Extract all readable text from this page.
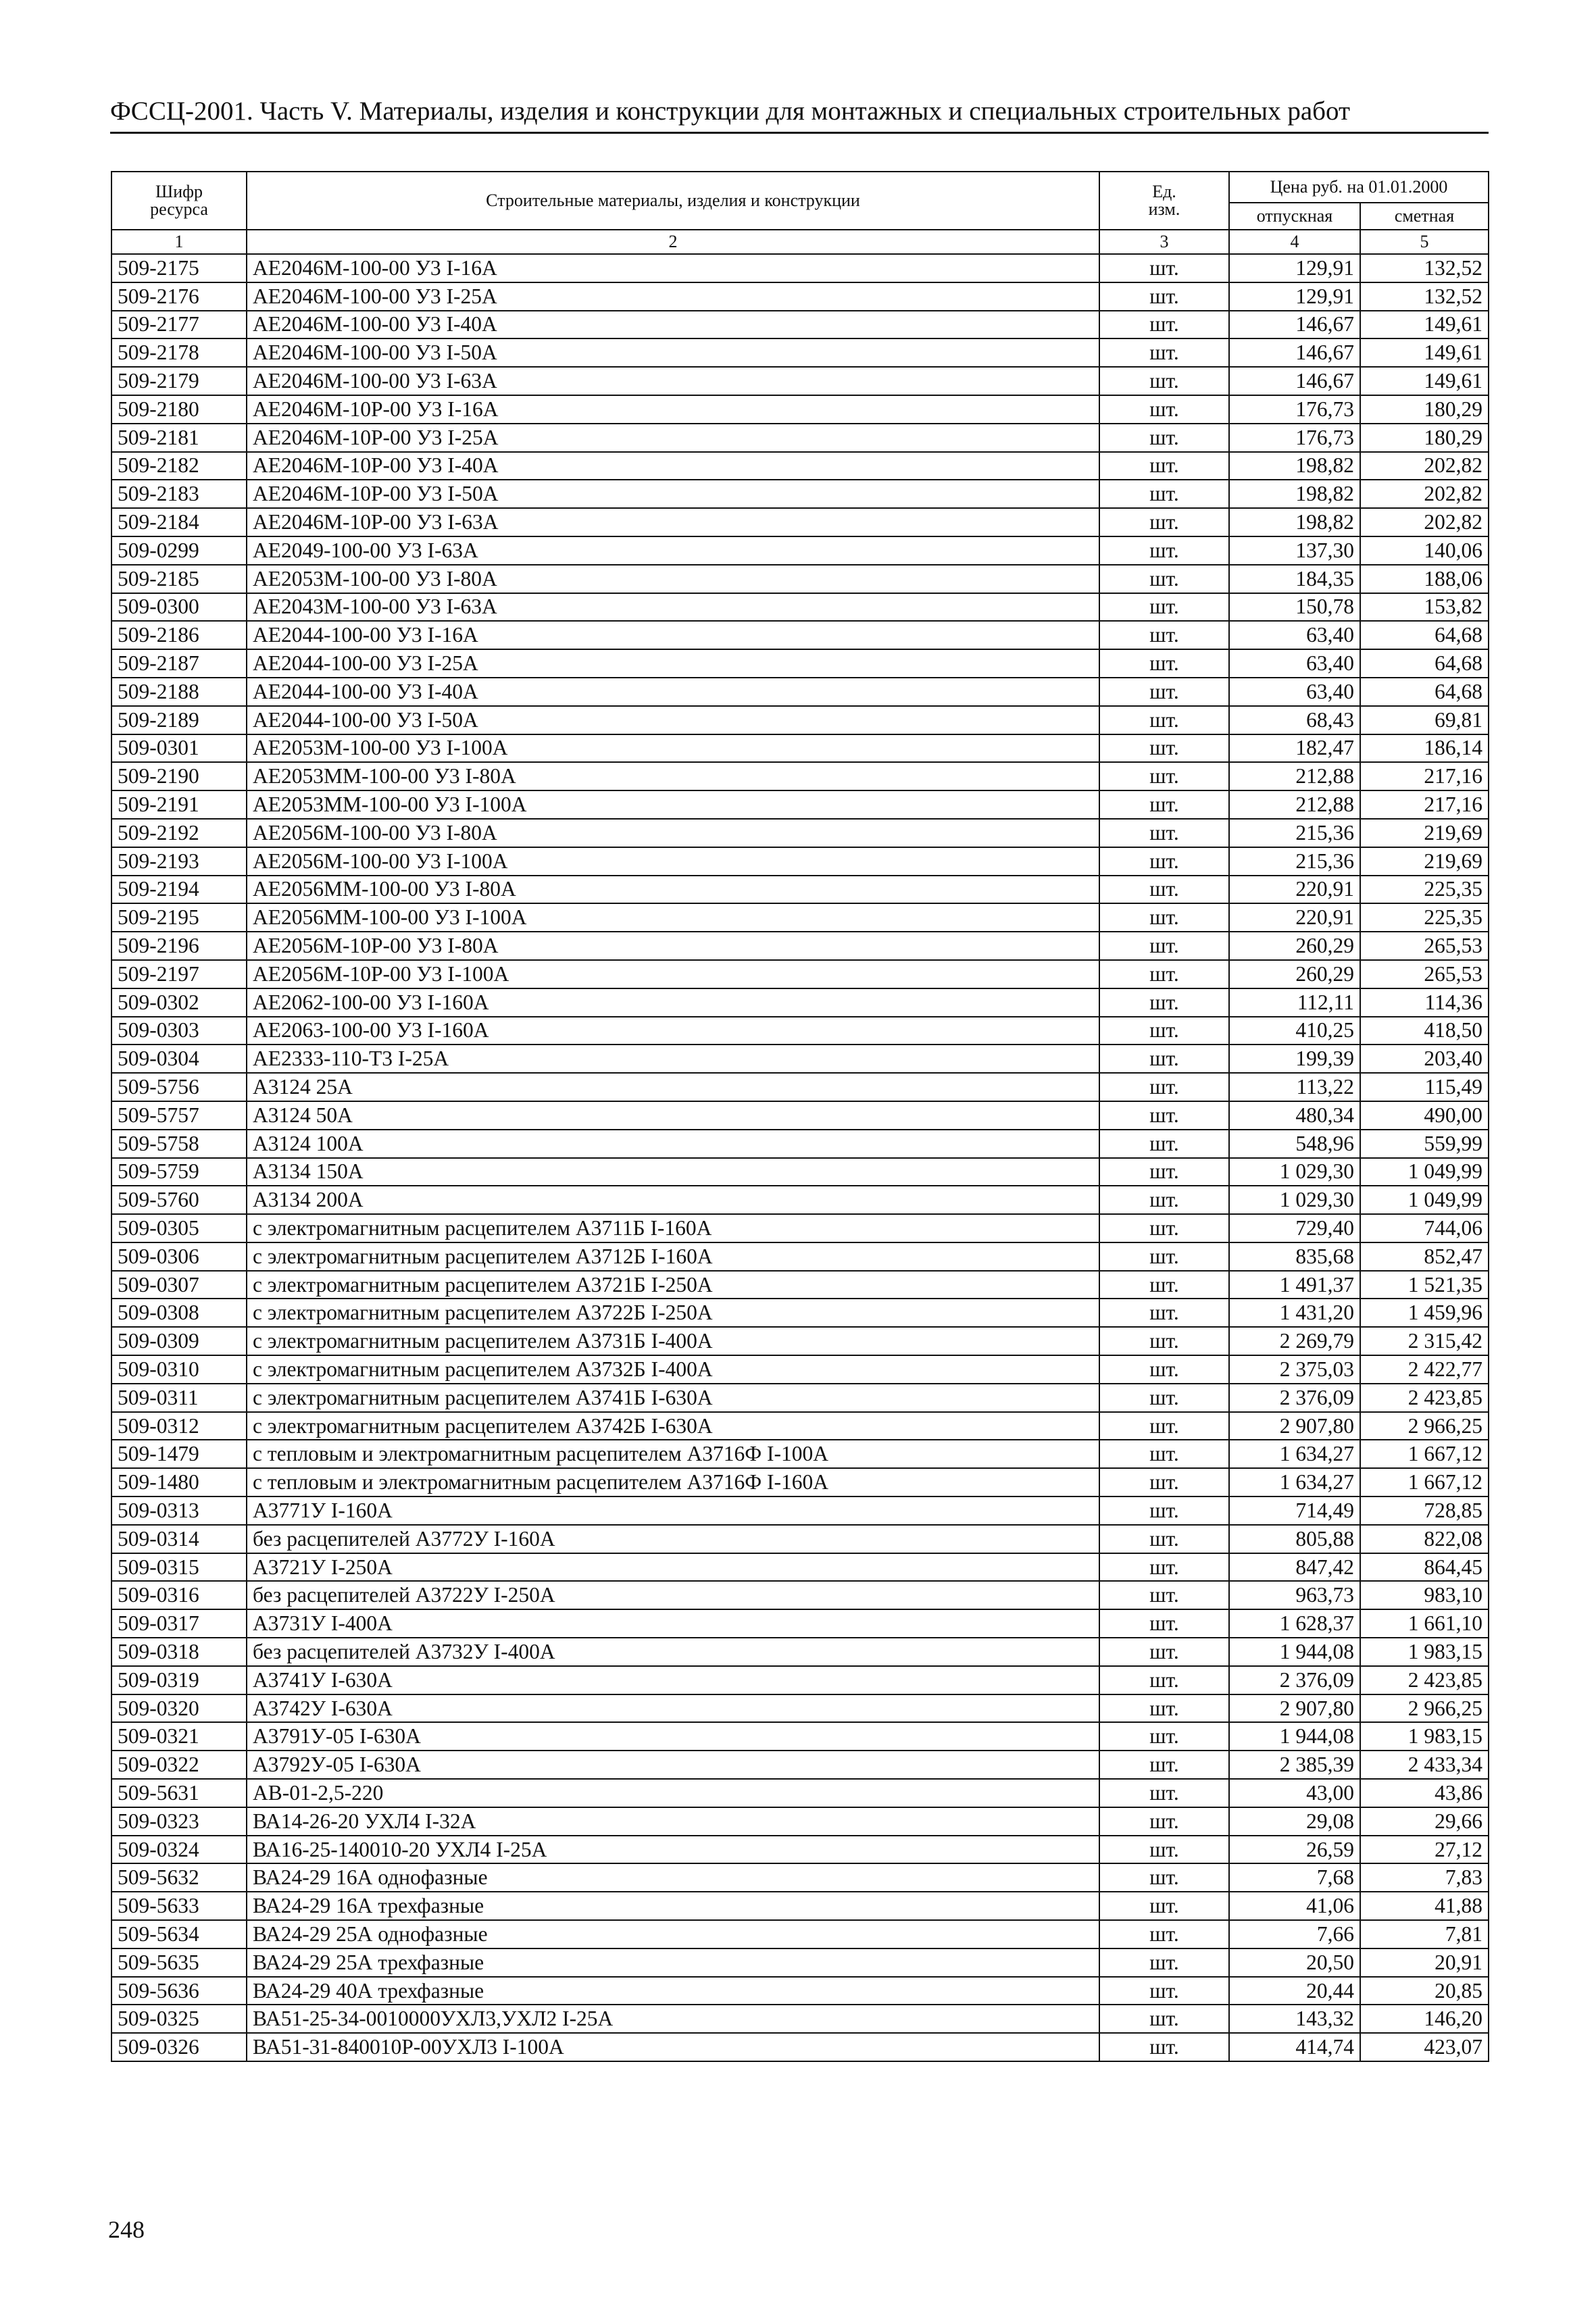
ФССЦ-2001. Часть V. Материалы, изделия и конструкции для монтажных и специальных строительных работ
Шифр
ресурса	Строительные материалы, изделия и конструкции	Ед.
изм.	Цена руб. на 01.01.2000	
			отпускная	сметная
1	2	3	4	5
509-2175	АЕ2046М-100-00 У3 I-16А	шт.	129,91	132,52
509-2176	АЕ2046М-100-00 У3 I-25А	шт.	129,91	132,52
509-2177	АЕ2046М-100-00 У3 I-40А	шт.	146,67	149,61
509-2178	АЕ2046М-100-00 У3 I-50А	шт.	146,67	149,61
509-2179	АЕ2046М-100-00 У3 I-63А	шт.	146,67	149,61
509-2180	АЕ2046М-10Р-00 У3 I-16А	шт.	176,73	180,29
509-2181	АЕ2046М-10Р-00 У3 I-25А	шт.	176,73	180,29
509-2182	АЕ2046М-10Р-00 У3 I-40А	шт.	198,82	202,82
509-2183	АЕ2046М-10Р-00 У3 I-50А	шт.	198,82	202,82
509-2184	АЕ2046М-10Р-00 У3 I-63А	шт.	198,82	202,82
509-0299	АЕ2049-100-00 У3 I-63А	шт.	137,30	140,06
509-2185	АЕ2053М-100-00 У3 I-80А	шт.	184,35	188,06
509-0300	АЕ2043М-100-00 У3 I-63А	шт.	150,78	153,82
509-2186	АЕ2044-100-00 У3 I-16А	шт.	63,40	64,68
509-2187	АЕ2044-100-00 У3 I-25А	шт.	63,40	64,68
509-2188	АЕ2044-100-00 У3 I-40А	шт.	63,40	64,68
509-2189	АЕ2044-100-00 У3 I-50А	шт.	68,43	69,81
509-0301	АЕ2053М-100-00 У3 I-100А	шт.	182,47	186,14
509-2190	АЕ2053ММ-100-00 У3 I-80А	шт.	212,88	217,16
509-2191	АЕ2053ММ-100-00 У3 I-100А	шт.	212,88	217,16
509-2192	АЕ2056М-100-00 У3 I-80А	шт.	215,36	219,69
509-2193	АЕ2056М-100-00 У3 I-100А	шт.	215,36	219,69
509-2194	АЕ2056ММ-100-00 У3 I-80А	шт.	220,91	225,35
509-2195	АЕ2056ММ-100-00 У3 I-100А	шт.	220,91	225,35
509-2196	АЕ2056М-10Р-00 У3 I-80А	шт.	260,29	265,53
509-2197	АЕ2056М-10Р-00 У3 I-100А	шт.	260,29	265,53
509-0302	АЕ2062-100-00 У3 I-160А	шт.	112,11	114,36
509-0303	АЕ2063-100-00 У3 I-160А	шт.	410,25	418,50
509-0304	АЕ2333-110-Т3 I-25А	шт.	199,39	203,40
509-5756	А3124 25А	шт.	113,22	115,49
509-5757	А3124 50А	шт.	480,34	490,00
509-5758	А3124 100А	шт.	548,96	559,99
509-5759	А3134 150А	шт.	1 029,30	1 049,99
509-5760	А3134 200А	шт.	1 029,30	1 049,99
509-0305	с электромагнитным расцепителем А3711Б I-160А	шт.	729,40	744,06
509-0306	с электромагнитным расцепителем А3712Б I-160А	шт.	835,68	852,47
509-0307	с электромагнитным расцепителем А3721Б I-250А	шт.	1 491,37	1 521,35
509-0308	с электромагнитным расцепителем А3722Б I-250А	шт.	1 431,20	1 459,96
509-0309	с электромагнитным расцепителем А3731Б I-400А	шт.	2 269,79	2 315,42
509-0310	с электромагнитным расцепителем А3732Б I-400А	шт.	2 375,03	2 422,77
509-0311	с электромагнитным расцепителем А3741Б I-630А	шт.	2 376,09	2 423,85
509-0312	с электромагнитным расцепителем А3742Б I-630А	шт.	2 907,80	2 966,25
509-1479	с тепловым и электромагнитным расцепителем А3716Ф I-100А	шт.	1 634,27	1 667,12
509-1480	с тепловым и электромагнитным расцепителем А3716Ф I-160А	шт.	1 634,27	1 667,12
509-0313	А3771У I-160А	шт.	714,49	728,85
509-0314	без расцепителей А3772У I-160А	шт.	805,88	822,08
509-0315	А3721У I-250А	шт.	847,42	864,45
509-0316	без расцепителей А3722У I-250А	шт.	963,73	983,10
509-0317	А3731У I-400А	шт.	1 628,37	1 661,10
509-0318	без расцепителей А3732У I-400А	шт.	1 944,08	1 983,15
509-0319	А3741У I-630А	шт.	2 376,09	2 423,85
509-0320	А3742У I-630А	шт.	2 907,80	2 966,25
509-0321	А3791У-05 I-630А	шт.	1 944,08	1 983,15
509-0322	А3792У-05 I-630А	шт.	2 385,39	2 433,34
509-5631	АВ-01-2,5-220	шт.	43,00	43,86
509-0323	ВА14-26-20 УХЛ4 I-32А	шт.	29,08	29,66
509-0324	ВА16-25-140010-20 УХЛ4 I-25А	шт.	26,59	27,12
509-5632	ВА24-29 16А однофазные	шт.	7,68	7,83
509-5633	ВА24-29 16А трехфазные	шт.	41,06	41,88
509-5634	ВА24-29 25А однофазные	шт.	7,66	7,81
509-5635	ВА24-29 25А трехфазные	шт.	20,50	20,91
509-5636	ВА24-29 40А трехфазные	шт.	20,44	20,85
509-0325	ВА51-25-34-0010000УХЛ3,УХЛ2 I-25А	шт.	143,32	146,20
509-0326	ВА51-31-840010Р-00УХЛ3 I-100А	шт.	414,74	423,07
248
